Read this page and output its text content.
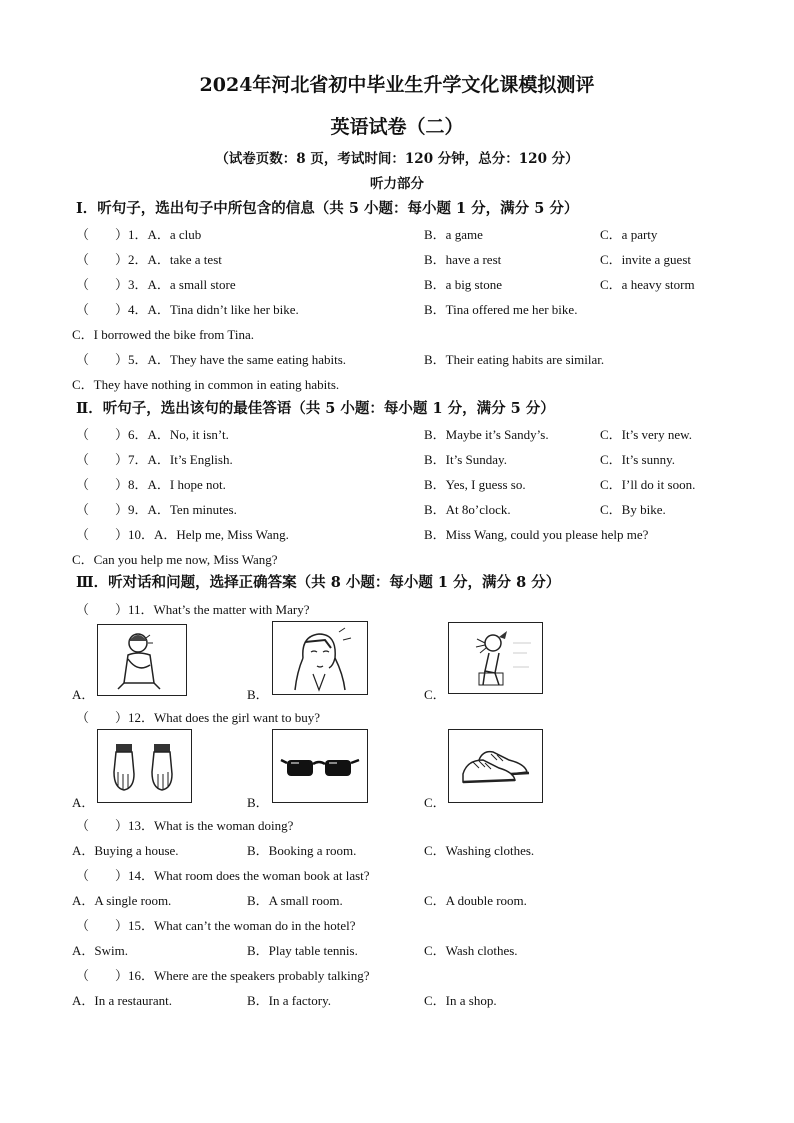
2024年河北省初中毕业生升学文化课模拟测评
英语试卷（二）
（试卷页数：8 页，考试时间：120 分钟，总分：120 分）
听力部分
Ⅰ．听句子，选出句子中所包含的信息（共 5 小题：每小题 1 分，满分 5 分）
（　　）1．A．a club	B．a game	C．a party
（　　）2．A．take a test	B．have a rest	C．invite a guest
（　　）3．A．a small store	B．a big stone	C．a heavy storm
（　　）4．A．Tina didn’t like her bike.	B．Tina offered me her bike.
C．I borrowed the bike from Tina.
（　　）5．A．They have the same eating habits.	B．Their eating habits are similar.
C．They have nothing in common in eating habits.
Ⅱ．听句子，选出该句的最佳答语（共 5 小题：每小题 1 分，满分 5 分）
（　　）6．A．No, it isn’t.	B．Maybe it’s Sandy’s.	C．It’s very new.
（　　）7．A．It’s English.	B．It’s Sunday.	C．It’s sunny.
（　　）8．A．I hope not.	B．Yes, I guess so.	C．I’ll do it soon.
（　　）9．A．Ten minutes.	B．At 8o’clock.	C．By bike.
（　　）10．A．Help me, Miss Wang.	B．Miss Wang, could you please help me?
C．Can you help me now, Miss Wang?
Ⅲ．听对话和问题，选择正确答案（共 8 小题：每小题 1 分，满分 8 分）
（　　）11．What’s the matter with Mary?
A．	B．	C．
（　　）12．What does the girl want to buy?
A．	B．	C．
（　　）13．What is the woman doing?
A．Buying a house.	B．Booking a room.	C．Washing clothes.
（　　）14．What room does the woman book at last?
A．A single room.	B．A small room.	C．A double room.
（　　）15．What can’t the woman do in the hotel?
A．Swim.	B．Play table tennis.	C．Wash clothes.
（　　）16．Where are the speakers probably talking?
A．In a restaurant.	B．In a factory.	C．In a shop.
